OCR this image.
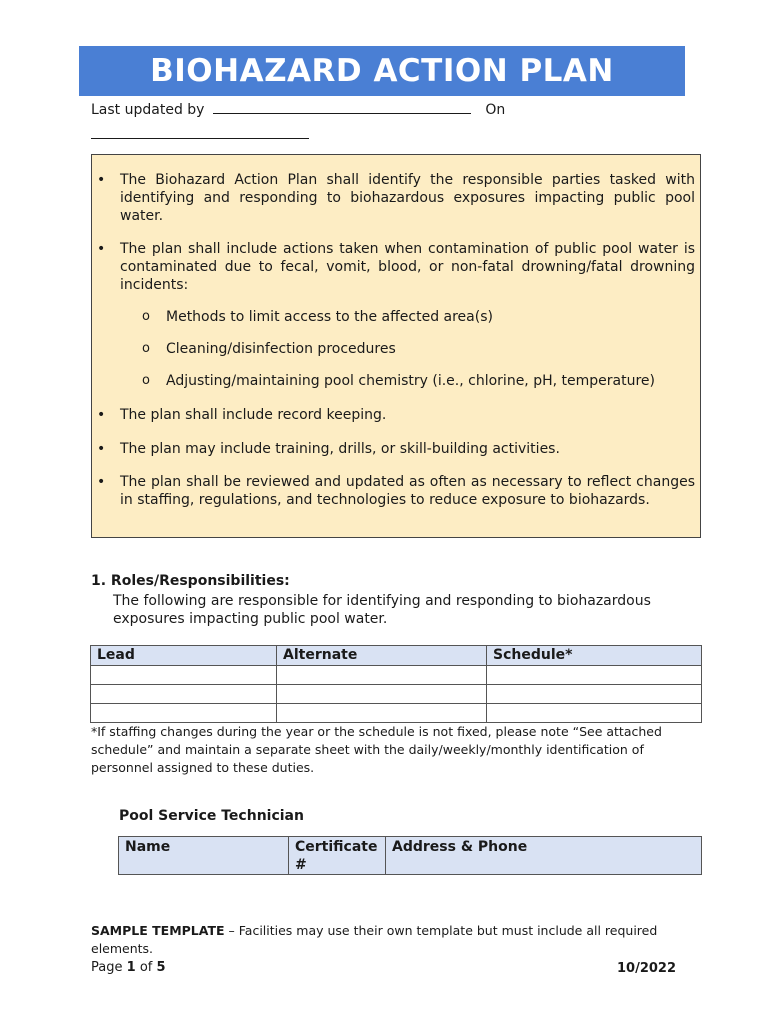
BIOHAZARD ACTION PLAN
Last updated by	On
• The Biohazard Action Plan shall identify the responsible parties tasked with identifying and responding to biohazardous exposures impacting public pool water.
• The plan shall include actions taken when contamination of public pool water is contaminated due to fecal, vomit, blood, or non-fatal drowning/fatal drowning incidents:
o Methods to limit access to the affected area(s)
o Cleaning/disinfection procedures
o Adjusting/maintaining pool chemistry (i.e., chlorine, pH, temperature)
• The plan shall include record keeping.
• The plan may include training, drills, or skill-building activities.
• The plan shall be reviewed and updated as often as necessary to reflect changes in staffing, regulations, and technologies to reduce exposure to biohazards.
1. Roles/Responsibilities:
The following are responsible for identifying and responding to biohazardous exposures impacting public pool water.
Lead	Alternate	Schedule*

*If staffing changes during the year or the schedule is not fixed, please note “See attached schedule” and maintain a separate sheet with the daily/weekly/monthly identification of personnel assigned to these duties.
Pool Service Technician
Name	Certificate #	Address & Phone
SAMPLE TEMPLATE – Facilities may use their own template but must include all required elements.
Page 1 of 5	10/2022
